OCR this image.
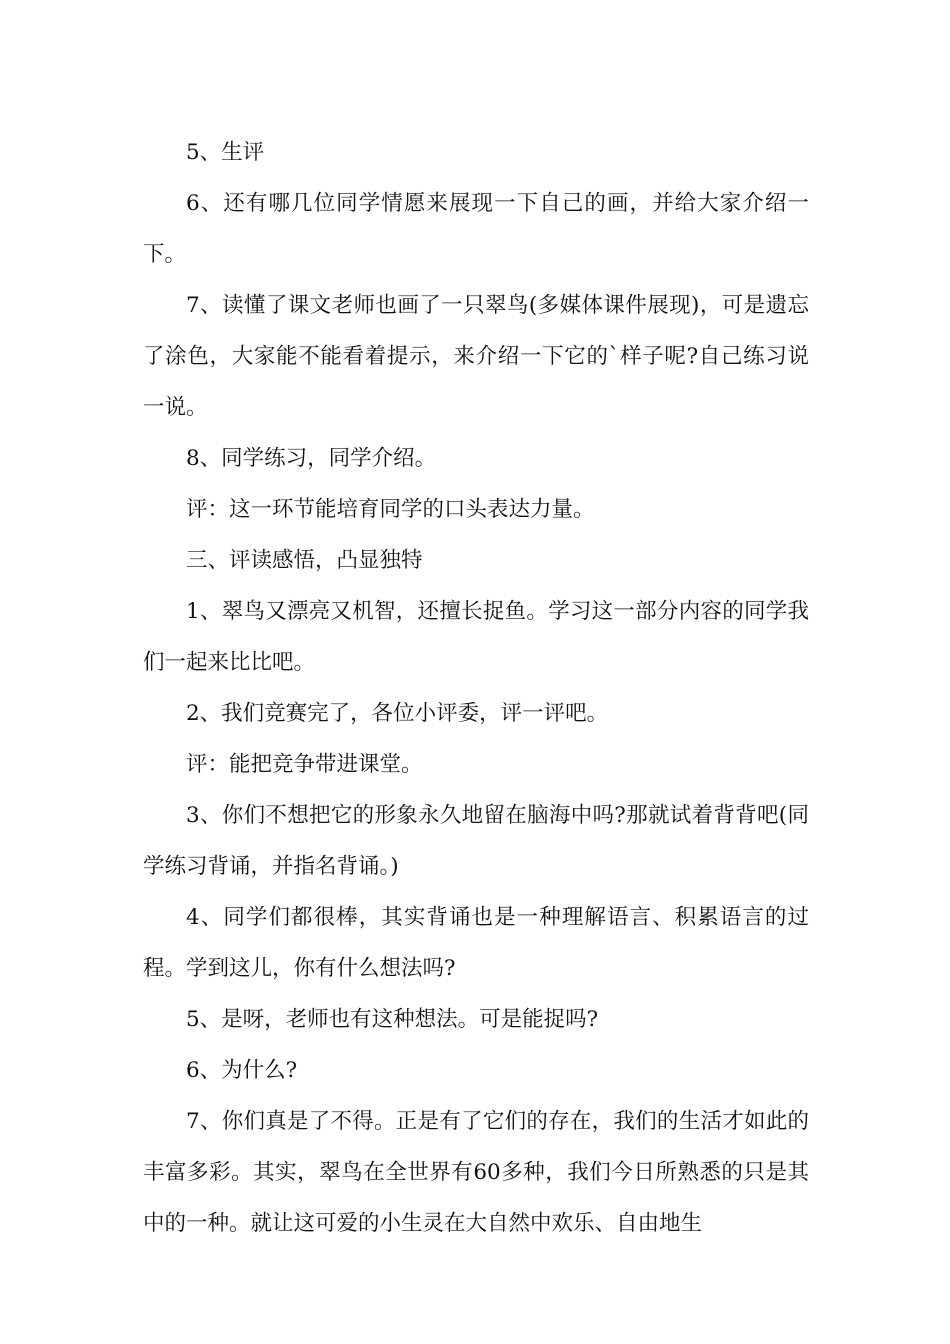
5、生评

6、还有哪几位同学情愿来展现一下自己的画，并给大家介绍一下。

7、读懂了课文老师也画了一只翠鸟(多媒体课件展现)，可是遗忘了涂色，大家能不能看着提示，来介绍一下它的`样子呢?自己练习说一说。

8、同学练习，同学介绍。

评：这一环节能培育同学的口头表达力量。

三、评读感悟，凸显独特

1、翠鸟又漂亮又机智，还擅长捉鱼。学习这一部分内容的同学我们一起来比比吧。

2、我们竞赛完了，各位小评委，评一评吧。

评：能把竞争带进课堂。

3、你们不想把它的形象永久地留在脑海中吗?那就试着背背吧(同学练习背诵，并指名背诵。)

4、同学们都很棒，其实背诵也是一种理解语言、积累语言的过程。学到这儿，你有什么想法吗?

5、是呀，老师也有这种想法。可是能捉吗?

6、为什么?

7、你们真是了不得。正是有了它们的存在，我们的生活才如此的丰富多彩。其实，翠鸟在全世界有60多种，我们今日所熟悉的只是其中的一种。就让这可爱的小生灵在大自然中欢乐、自由地生
